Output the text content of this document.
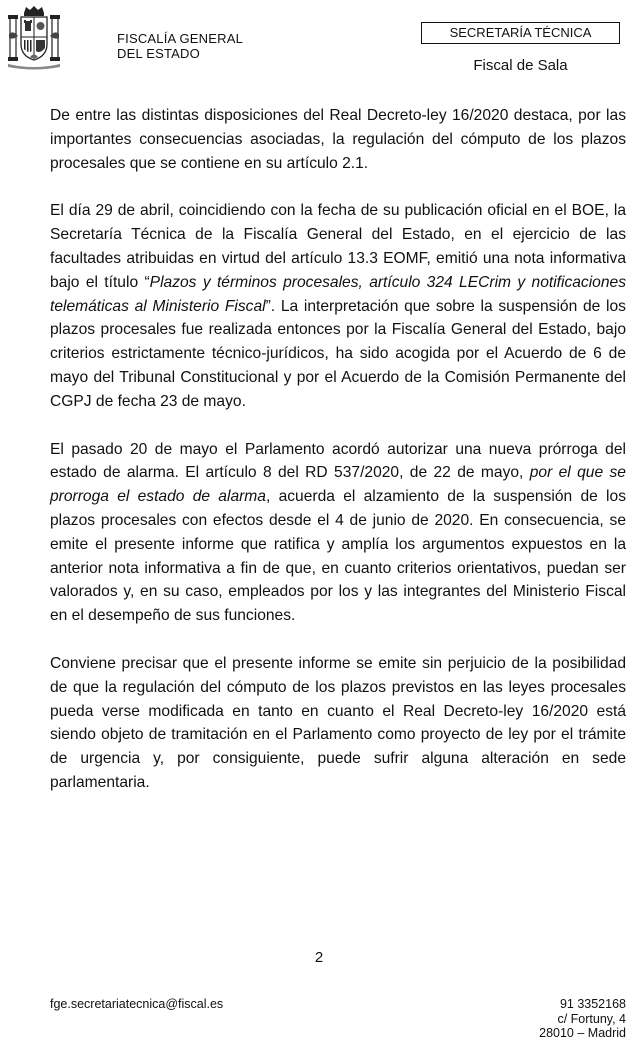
FISCALÍA GENERAL
DEL ESTADO
SECRETARÍA TÉCNICA
Fiscal de Sala

De entre las distintas disposiciones del Real Decreto-ley 16/2020 destaca, por las importantes consecuencias asociadas, la regulación del cómputo de los plazos procesales que se contiene en su artículo 2.1.

El día 29 de abril, coincidiendo con la fecha de su publicación oficial en el BOE, la Secretaría Técnica de la Fiscalía General del Estado, en el ejercicio de las facultades atribuidas en virtud del artículo 13.3 EOMF, emitió una nota informativa bajo el título “Plazos y términos procesales, artículo 324 LECrim y notificaciones telemáticas al Ministerio Fiscal”. La interpretación que sobre la suspensión de los plazos procesales fue realizada entonces por la Fiscalía General del Estado, bajo criterios estrictamente técnico-jurídicos, ha sido acogida por el Acuerdo de 6 de mayo del Tribunal Constitucional y por el Acuerdo de la Comisión Permanente del CGPJ de fecha 23 de mayo.

El pasado 20 de mayo el Parlamento acordó autorizar una nueva prórroga del estado de alarma. El artículo 8 del RD 537/2020, de 22 de mayo, por el que se prorroga el estado de alarma, acuerda el alzamiento de la suspensión de los plazos procesales con efectos desde el 4 de junio de 2020. En consecuencia, se emite el presente informe que ratifica y amplía los argumentos expuestos en la anterior nota informativa a fin de que, en cuanto criterios orientativos, puedan ser valorados y, en su caso, empleados por los y las integrantes del Ministerio Fiscal en el desempeño de sus funciones.

Conviene precisar que el presente informe se emite sin perjuicio de la posibilidad de que la regulación del cómputo de los plazos previstos en las leyes procesales pueda verse modificada en tanto en cuanto el Real Decreto-ley 16/2020 está siendo objeto de tramitación en el Parlamento como proyecto de ley por el trámite de urgencia y, por consiguiente, puede sufrir alguna alteración en sede parlamentaria.

2
fge.secretariatecnica@fiscal.es	91 3352168
c/ Fortuny, 4
28010 – Madrid
